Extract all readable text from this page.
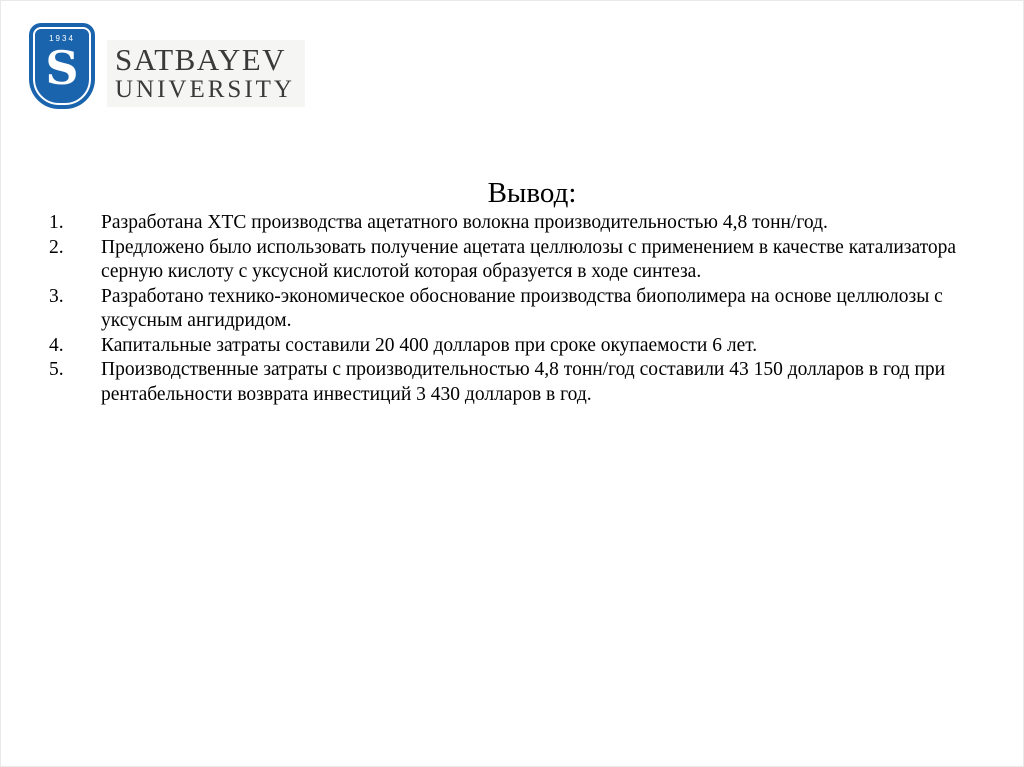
1934
S SATBAYEV
UNIVERSITY
Вывод:
1.	Разработана ХТС производства ацетатного волокна производительностью 4,8 тонн/год.
2.	Предложено было использовать получение ацетата целлюлозы с применением в качестве катализатора серную кислоту с уксусной кислотой которая образуется в ходе синтеза.
3.	Разработано технико-экономическое обоснование производства биополимера на основе целлюлозы с уксусным ангидридом.
4.	Капитальные затраты составили 20 400 долларов при сроке окупаемости 6 лет.
5.	Производственные затраты с производительностью 4,8 тонн/год составили 43 150 долларов в год при рентабельности возврата инвестиций 3 430 долларов в год.
